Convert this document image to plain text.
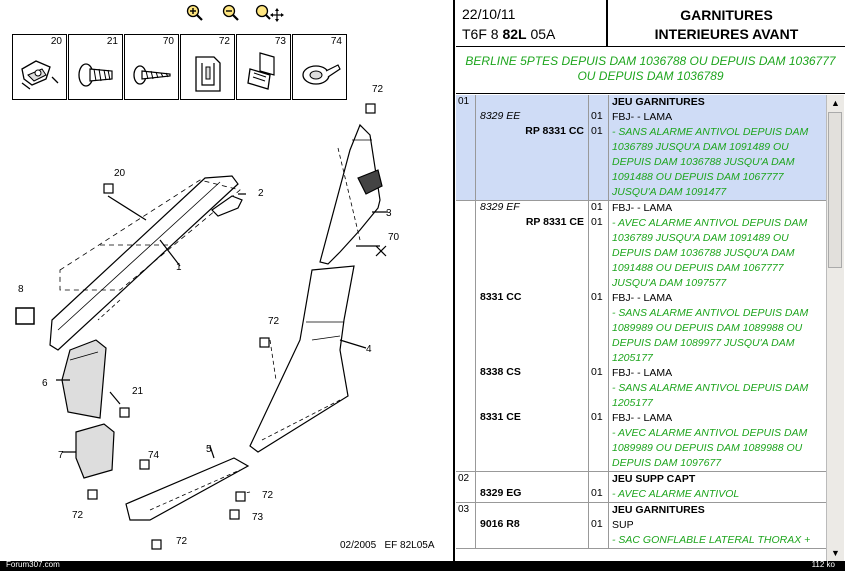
20	21	70	72	73	74
72
2
20
3
70
1
8
72
4
6
21
7	74
5
72
72
73
72	02/2005 EF 82L05A
22/10/11
T6F 8 82L 05A
GARNITURES
INTERIEURES AVANT
BERLINE 5PTES DEPUIS DAM 1036788 OU DEPUIS DAM 1036777 OU DEPUIS DAM 1036789
01	JEU GARNITURES
8329 EE	01 FBJ- - LAMA
RP 8331 CC 01 - SANS ALARME ANTIVOL DEPUIS DAM 1036789 JUSQU'A DAM 1091489 OU DEPUIS DAM 1036788 JUSQU'A DAM 1091488 OU DEPUIS DAM 1067777 JUSQU'A DAM 1091477
8329 EF	01 FBJ- - LAMA
RP 8331 CE 01 - AVEC ALARME ANTIVOL DEPUIS DAM 1036789 JUSQU'A DAM 1091489 OU DEPUIS DAM 1036788 JUSQU'A DAM 1091488 OU DEPUIS DAM 1067777 JUSQU'A DAM 1097577
8331 CC	01 FBJ- - LAMA
- SANS ALARME ANTIVOL DEPUIS DAM 1089989 OU DEPUIS DAM 1089988 OU DEPUIS DAM 1089977 JUSQU'A DAM 1205177
8338 CS	01 FBJ- - LAMA
- SANS ALARME ANTIVOL DEPUIS DAM 1205177
8331 CE	01 FBJ- - LAMA
- AVEC ALARME ANTIVOL DEPUIS DAM 1089989 OU DEPUIS DAM 1089988 OU DEPUIS DAM 1097677
02	JEU SUPP CAPT
8329 EG	01 - AVEC ALARME ANTIVOL
03	JEU GARNITURES
9016 R8	01 SUP
- SAC GONFLABLE LATERAL THORAX +
▲
▼
Forum307.com	112 ko
